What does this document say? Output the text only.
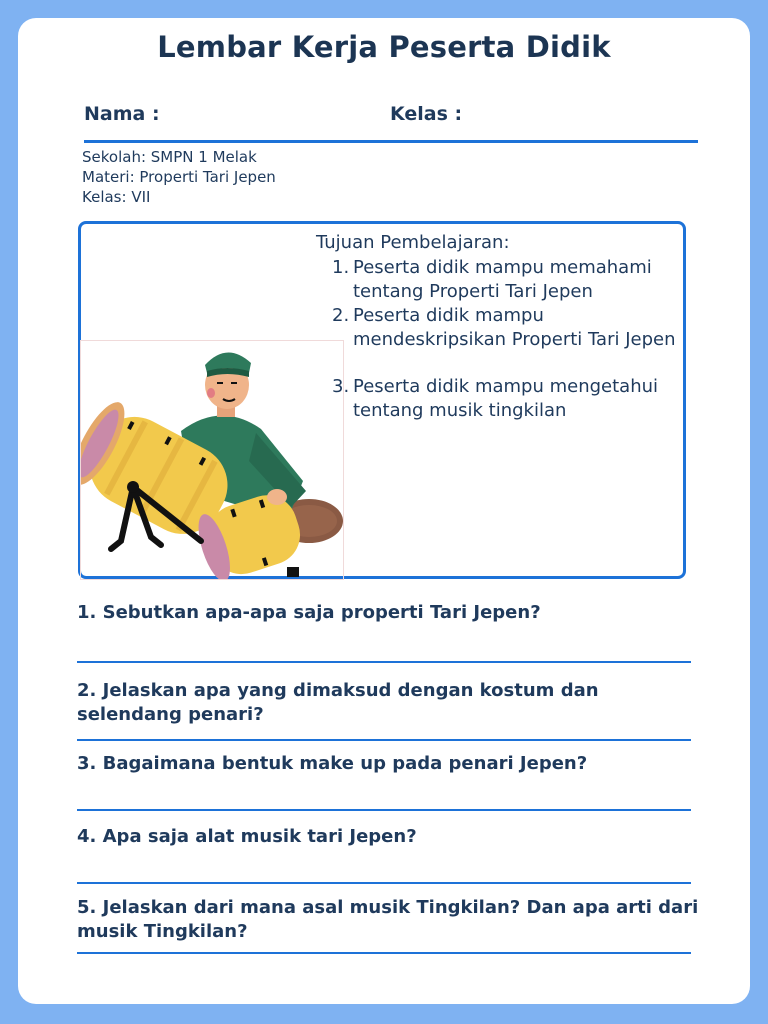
Lembar Kerja Peserta Didik
Nama :	Kelas :
Sekolah: SMPN 1 Melak
Materi: Properti Tari Jepen
Kelas: VII
Tujuan Pembelajaran:
1. Peserta didik mampu memahami tentang Properti Tari Jepen
2. Peserta didik mampu mendeskripsikan Properti Tari Jepen
3. Peserta didik mampu mengetahui tentang musik tingkilan
1. Sebutkan apa-apa saja properti Tari Jepen?
2. Jelaskan apa yang dimaksud dengan kostum dan selendang penari?
3. Bagaimana bentuk make up pada penari Jepen?
4. Apa saja alat musik tari Jepen?
5. Jelaskan dari mana asal musik Tingkilan? Dan apa arti dari musik Tingkilan?
